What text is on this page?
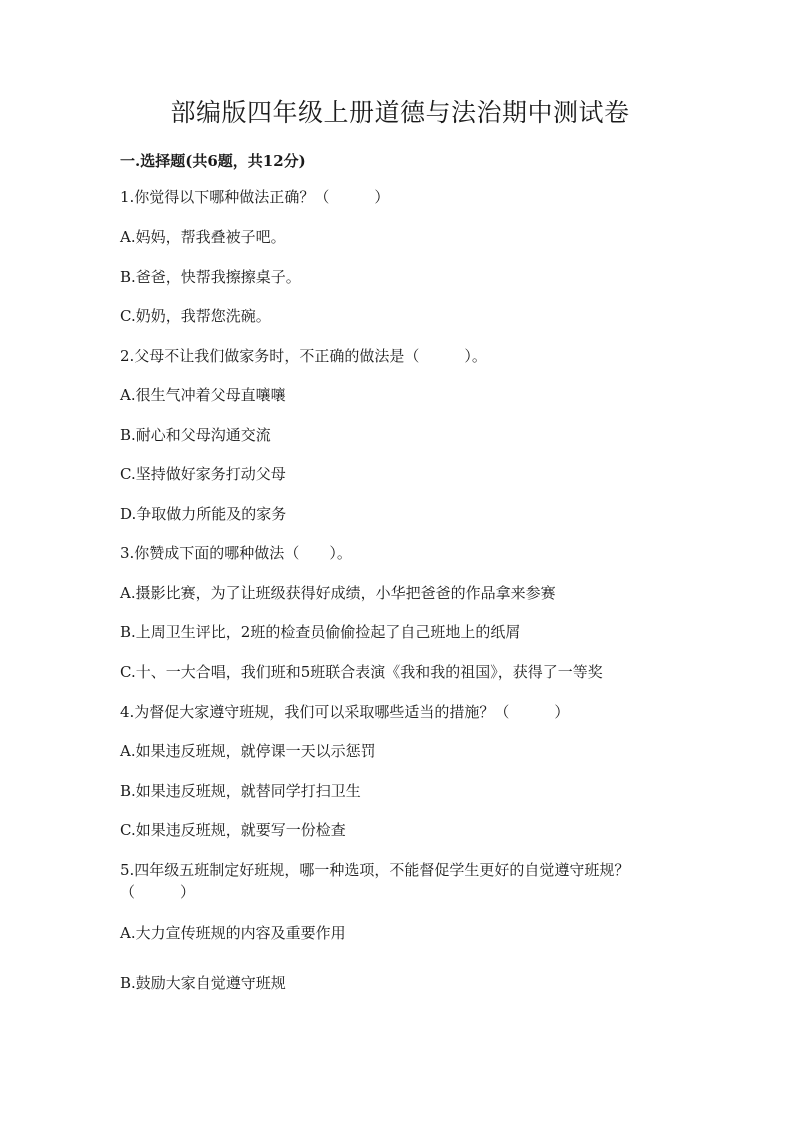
部编版四年级上册道德与法治期中测试卷
一.选择题(共6题，共12分)
1.你觉得以下哪种做法正确？（　　　）
A.妈妈，帮我叠被子吧。
B.爸爸，快帮我擦擦桌子。
C.奶奶，我帮您洗碗。
2.父母不让我们做家务时，不正确的做法是（　　　）。
A.很生气冲着父母直嚷嚷
B.耐心和父母沟通交流
C.坚持做好家务打动父母
D.争取做力所能及的家务
3.你赞成下面的哪种做法（　　）。
A.摄影比赛，为了让班级获得好成绩，小华把爸爸的作品拿来参赛
B.上周卫生评比，2班的检查员偷偷捡起了自己班地上的纸屑
C.十、一大合唱，我们班和5班联合表演《我和我的祖国》，获得了一等奖
4.为督促大家遵守班规，我们可以采取哪些适当的措施？（　　　）
A.如果违反班规，就停课一天以示惩罚
B.如果违反班规，就替同学打扫卫生
C.如果违反班规，就要写一份检查
5.四年级五班制定好班规，哪一种选项，不能督促学生更好的自觉遵守班规？（　　　）
A.大力宣传班规的内容及重要作用
B.鼓励大家自觉遵守班规
